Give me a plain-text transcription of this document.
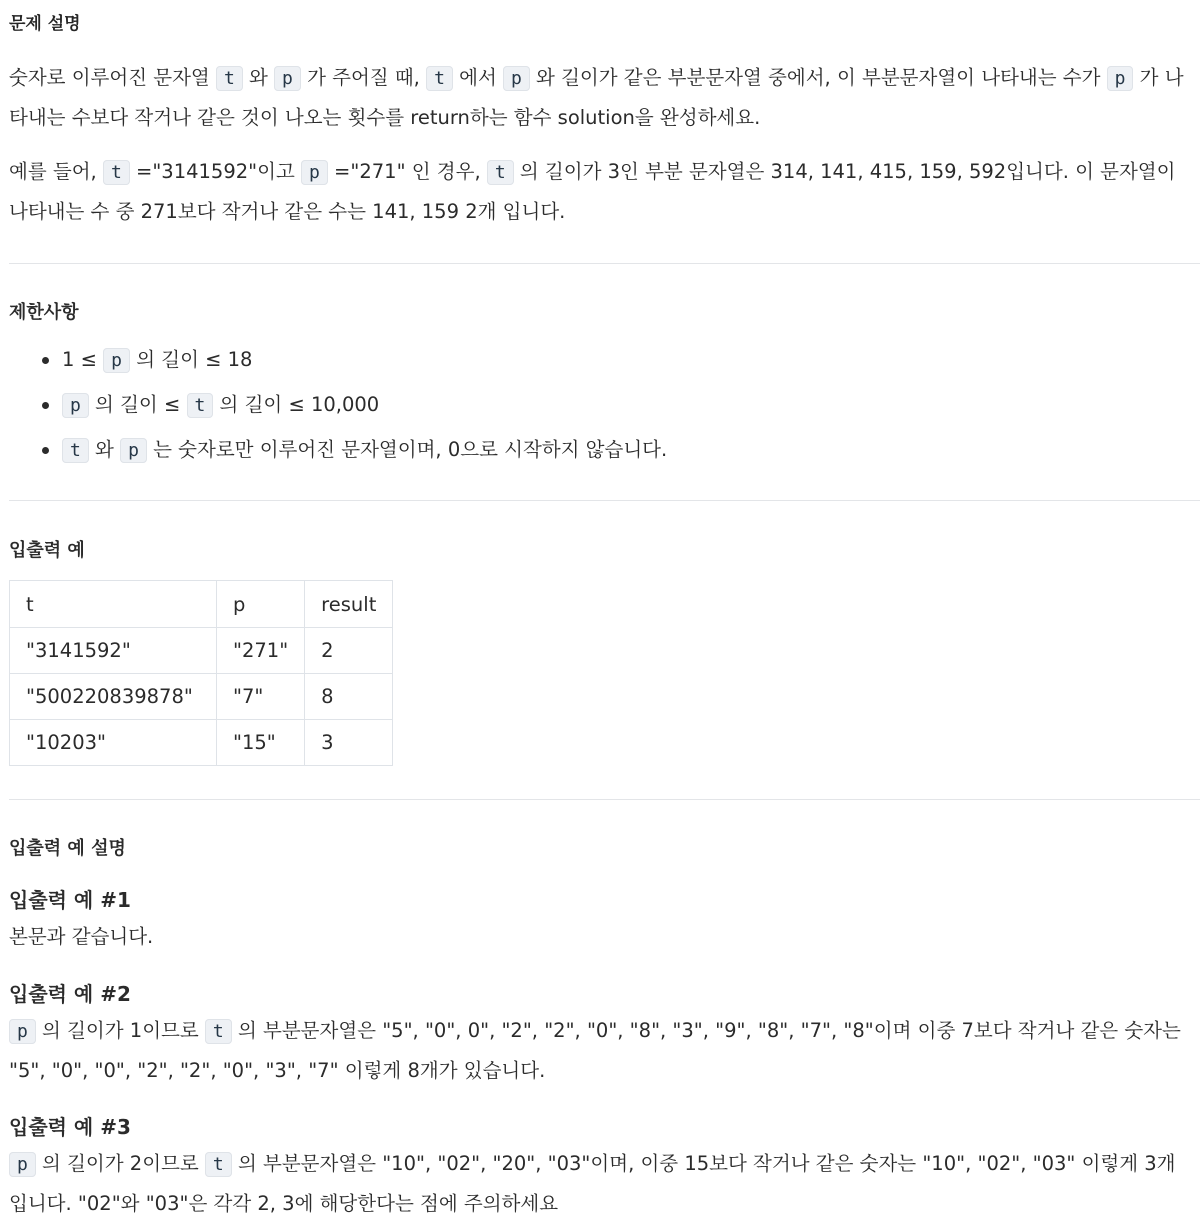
문제 설명

숫자로 이루어진 문자열 t 와 p 가 주어질 때, t 에서 p 와 길이가 같은 부분문자열 중에서, 이 부분문자열이 나타내는 수가 p 가 나타내는 수보다 작거나 같은 것이 나오는 횟수를 return하는 함수 solution을 완성하세요.

예를 들어, t ="3141592"이고 p ="271" 인 경우, t 의 길이가 3인 부분 문자열은 314, 141, 415, 159, 592입니다. 이 문자열이 나타내는 수 중 271보다 작거나 같은 수는 141, 159 2개 입니다.

제한사항
1 ≤ p 의 길이 ≤ 18
p 의 길이 ≤ t 의 길이 ≤ 10,000
t 와 p 는 숫자로만 이루어진 문자열이며, 0으로 시작하지 않습니다.
입출력 예
t	p	result
"3141592"	"271"	2
"500220839878"	"7"	8
"10203"	"15"	3
입출력 예 설명
입출력 예 #1

본문과 같습니다.

입출력 예 #2

p 의 길이가 1이므로 t 의 부분문자열은 "5", "0", 0", "2", "2", "0", "8", "3", "9", "8", "7", "8"이며 이중 7보다 작거나 같은 숫자는 "5", "0", "0", "2", "2", "0", "3", "7" 이렇게 8개가 있습니다.

입출력 예 #3

p 의 길이가 2이므로 t 의 부분문자열은 "10", "02", "20", "03"이며, 이중 15보다 작거나 같은 숫자는 "10", "02", "03" 이렇게 3개 입니다. "02"와 "03"은 각각 2, 3에 해당한다는 점에 주의하세요
